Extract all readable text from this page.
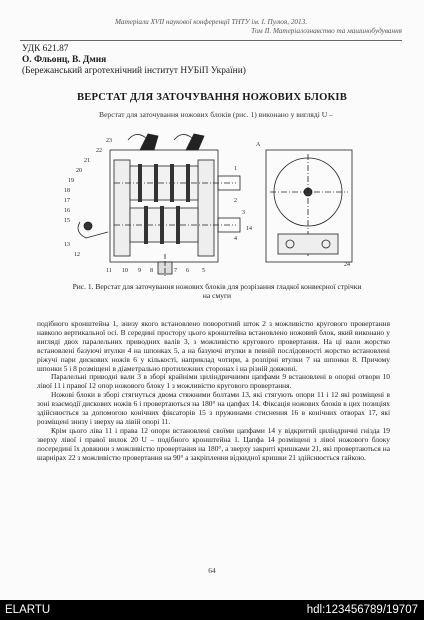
Матеріали XVII наукової конференції ТНТУ ім. І. Пулюя, 2013.
Том II. Матеріалознавство та машинобудування
УДК 621.87
О. Фльонц, В. Дмия
(Бережанський агротехнічний інститут НУБіП України)
ВЕРСТАТ ДЛЯ ЗАТОЧУВАННЯ НОЖОВИХ БЛОКІВ
Верстат для заточування ножових блоків (рис. 1) виконано у вигляді U –
23
22
21
20
19
18
17
16
15
13
12
1
2
3
4
5
6
7
8
9
10
11
14
24
А
Рис. 1. Верстат для заточування ножових блоків для розрізання гладкої конвеєрної стрічки на смуги

подібного кронштейна 1, знизу якого встановлено поворотний шток 2 з можливістю кругового провертання навколо вертикальної осі. В середині простору цього кронштейна встановлено ножовий блок, який виконано у вигляді двох паралельних приводних валів 3, з можливістю кругового провертання. На ці вали жорстко встановлені базуючі втулки 4 на шпонках 5, а на базуючі втулки в певній послідовності жорстко встановлені ріжучі пари дискових ножів 6 у кількості, наприклад чотири, а розпірні втулки 7 на шпонки 8. Причому шпонки 5 і 8 розміщені в діаметрально протилежних сторонах і на різній довжині.

Паралельні приводні вали 3 в зборі крайніми циліндричними цапфами 9 встановлені в опорні отвори 10 лівої 11 і правої 12 опор ножового блоку 1 з можливістю кругового провертання.

Ножові блоки в зборі стягнуться двома стяжними болтами 13, які стягують опори 11 і 12 які розміщені в зоні взаємодії дискових ножів 6 і провертаються на 180° на цапфах 14. Фіксація ножових блоків в цих позиціях здійснюється за допомогою конічних фіксаторів 15 з пружинами стиснення 16 в конічних отворах 17, які розміщені знизу і зверху на лівій опорі 11.

Крім цього ліва 11 і права 12 опори встановлені своїми цапфами 14 у відкритий циліндричні гнізда 19 зверху лівої і правої вилок 20 U – подібного кронштейна 1. Цапфа 14 розміщені з лівої ножового блоку посередині їх довжини з можливістю провертання на 180°, а зверху закриті кришками 21, які провертаються на шарнірах 22 з можливістю провертання на 90° а закріплення відкидної кришки 21 здійснюється гайкою.

64
ELARTU	hdl:123456789/19707
